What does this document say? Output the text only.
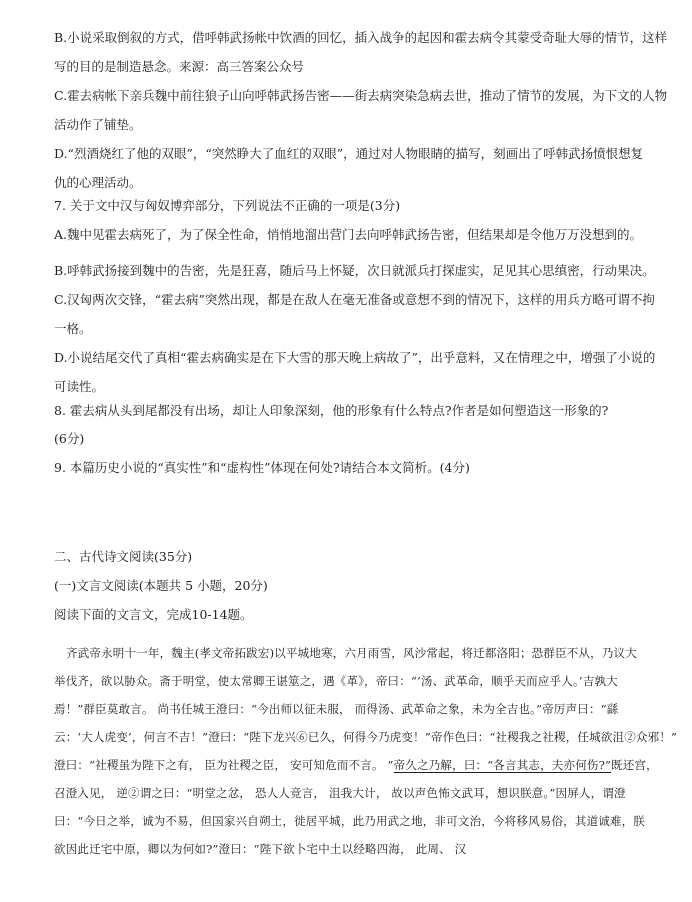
B.小说采取倒叙的方式，借呼韩武扬帐中饮酒的回忆，插入战争的起因和霍去病令其蒙受奇耻大辱的情节，这样
写的目的是制造悬念。来源：高三答案公众号
C.霍去病帐下亲兵魏中前往狼子山向呼韩武扬告密——街去病突染急病去世，推动了情节的发展，为下文的人物
活动作了铺垫。
D.“烈酒烧红了他的双眼”，“突然睁大了血红的双眼”，通过对人物眼睛的描写，刻画出了呼韩武扬愤恨想复
仇的心理活动。
7. 关于文中汉与匈奴博弈部分，下列说法不正确的一项是(3分)
A.魏中见霍去病死了，为了保全性命，悄悄地溜出营门去向呼韩武扬告密，但结果却是令他万万没想到的。
B.呼韩武扬接到魏中的告密，先是狂喜，随后马上怀疑，次日就派兵打探虚实，足见其心思缜密，行动果决。
C.汉匈两次交锋，“霍去病”突然出现，都是在敌人在毫无准备或意想不到的情况下，这样的用兵方略可谓不拘
一格。
D.小说结尾交代了真相“霍去病确实是在下大雪的那天晚上病故了”，出乎意料，又在情理之中，增强了小说的
可读性。
8. 霍去病从头到尾都没有出场，却让人印象深刻，他的形象有什么特点?作者是如何塑造这一形象的?
(6分)
9. 本篇历史小说的“真实性”和“虚构性”体现在何处?请结合本文简析。(4分)
二、古代诗文阅读(35分)
(一)文言文阅读(本题共 5 小题，20分)
阅读下面的文言文，完成10-14题。
齐武帝永明十一年，魏主(孝文帝拓跋宏)以平城地寒，六月雨雪，风沙常起，将迁都洛阳；恐群臣不从，乃议大
举伐齐，欲以胁众。斋于明堂，使太常卿王谌筮之，遇《革》，帝曰：“‘汤、武革命，顺乎天而应乎人。’吉孰大
焉！”群臣莫敢言。 尚书任城王澄曰：“今出师以征未服， 而得汤、武革命之象，未为全吉也。”帝厉声曰：“繇
云：‘大人虎变’，何言不吉！”澄曰：“陛下龙兴⑥已久，何得今乃虎变！”帝作色曰：“社稷我之社稷，任城欲沮②众邪！”
澄曰：“社稷虽为陛下之有， 臣为社稷之臣， 安可知危而不言。 ”帝久之乃解，曰：“各言其志，夫亦何伤?”既还宫，
召澄入见， 逆②谓之曰：“明堂之忿， 恐人人竞言， 沮我大计， 故以声色怖文武耳，想识朕意。”因屏人，谓澄
曰：“今日之举，诚为不易，但国家兴自朔土，徙居平城，此乃用武之地，非可文治，今将移风易俗，其道诚难，朕
欲因此迁宅中原，卿以为何如?”澄曰：“陛下欲卜宅中土以经略四海， 此周、 汉
